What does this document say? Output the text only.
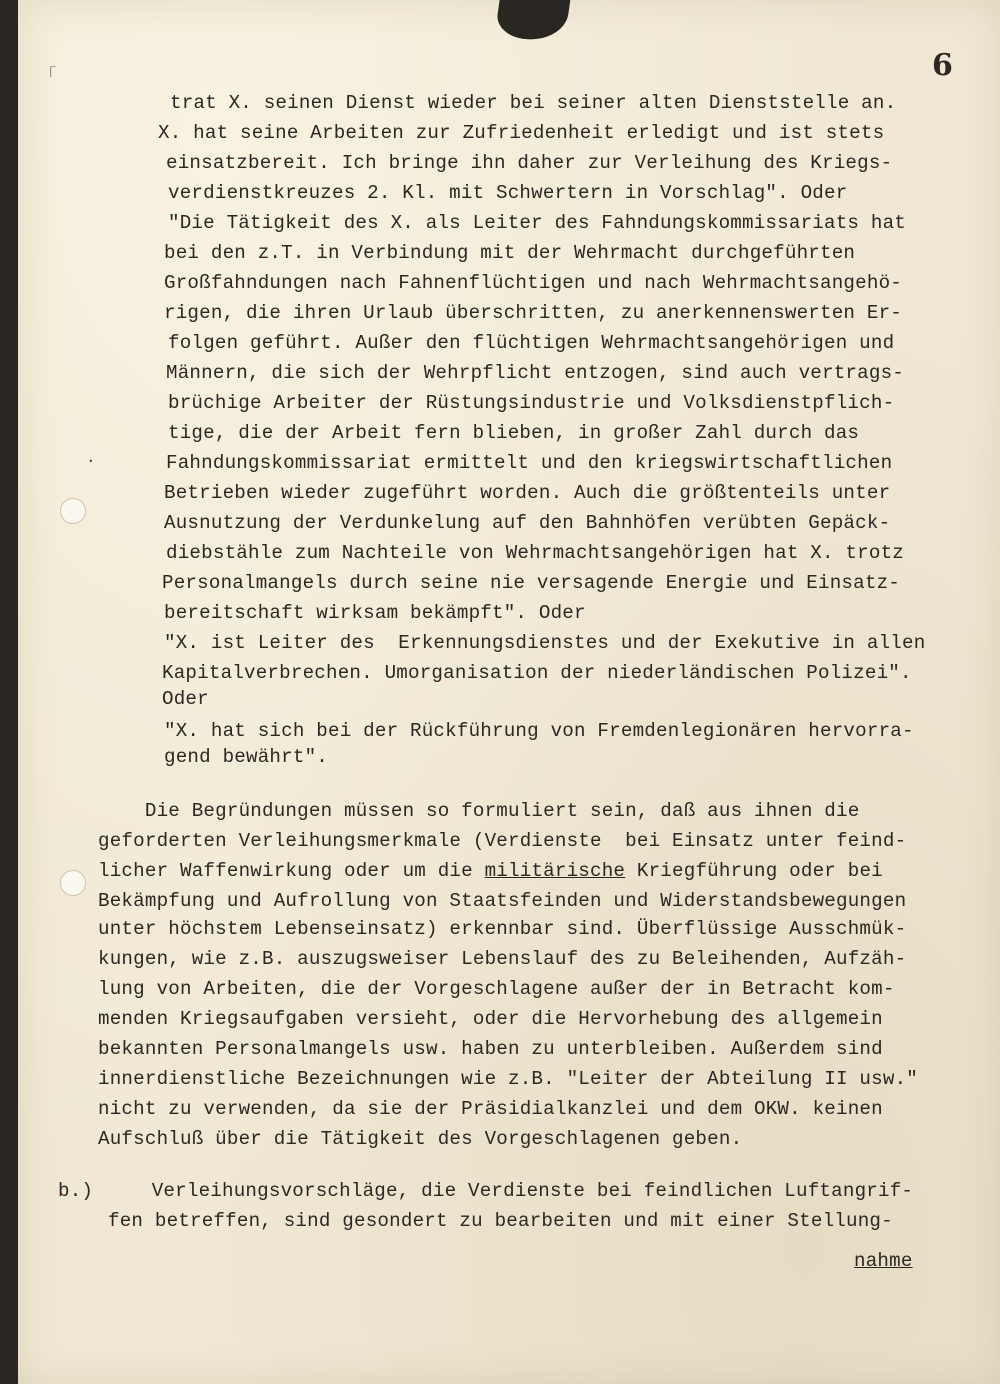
「
·
6
trat X. seinen Dienst wieder bei seiner alten Dienststelle an.
X. hat seine Arbeiten zur Zufriedenheit erledigt und ist stets
einsatzbereit. Ich bringe ihn daher zur Verleihung des Kriegs-
verdienstkreuzes 2. Kl. mit Schwertern in Vorschlag". Oder
"Die Tätigkeit des X. als Leiter des Fahndungskommissariats hat
bei den z.T. in Verbindung mit der Wehrmacht durchgeführten
Großfahndungen nach Fahnenflüchtigen und nach Wehrmachtsangehö-
rigen, die ihren Urlaub überschritten, zu anerkennenswerten Er-
folgen geführt. Außer den flüchtigen Wehrmachtsangehörigen und
Männern, die sich der Wehrpflicht entzogen, sind auch vertrags-
brüchige Arbeiter der Rüstungsindustrie und Volksdienstpflich-
tige, die der Arbeit fern blieben, in großer Zahl durch das
Fahndungskommissariat ermittelt und den kriegswirtschaftlichen
Betrieben wieder zugeführt worden. Auch die größtenteils unter
Ausnutzung der Verdunkelung auf den Bahnhöfen verübten Gepäck-
diebstähle zum Nachteile von Wehrmachtsangehörigen hat X. trotz
Personalmangels durch seine nie versagende Energie und Einsatz-
bereitschaft wirksam bekämpft". Oder
"X. ist Leiter des  Erkennungsdienstes und der Exekutive in allen
Kapitalverbrechen. Umorganisation der niederländischen Polizei".
Oder
"X. hat sich bei der Rückführung von Fremdenlegionären hervorra-
gend bewährt".
Die Begründungen müssen so formuliert sein, daß aus ihnen die
geforderten Verleihungsmerkmale (Verdienste  bei Einsatz unter feind-
licher Waffenwirkung oder um die militärische Kriegführung oder bei
Bekämpfung und Aufrollung von Staatsfeinden und Widerstandsbewegungen
unter höchstem Lebenseinsatz) erkennbar sind. Überflüssige Ausschmük-
kungen, wie z.B. auszugsweiser Lebenslauf des zu Beleihenden, Aufzäh-
lung von Arbeiten, die der Vorgeschlagene außer der in Betracht kom-
menden Kriegsaufgaben versieht, oder die Hervorhebung des allgemein
bekannten Personalmangels usw. haben zu unterbleiben. Außerdem sind
innerdienstliche Bezeichnungen wie z.B. "Leiter der Abteilung II usw."
nicht zu verwenden, da sie der Präsidialkanzlei und dem OKW. keinen
Aufschluß über die Tätigkeit des Vorgeschlagenen geben.
b.)     Verleihungsvorschläge, die Verdienste bei feindlichen Luftangrif-
fen betreffen, sind gesondert zu bearbeiten und mit einer Stellung-
nahme
